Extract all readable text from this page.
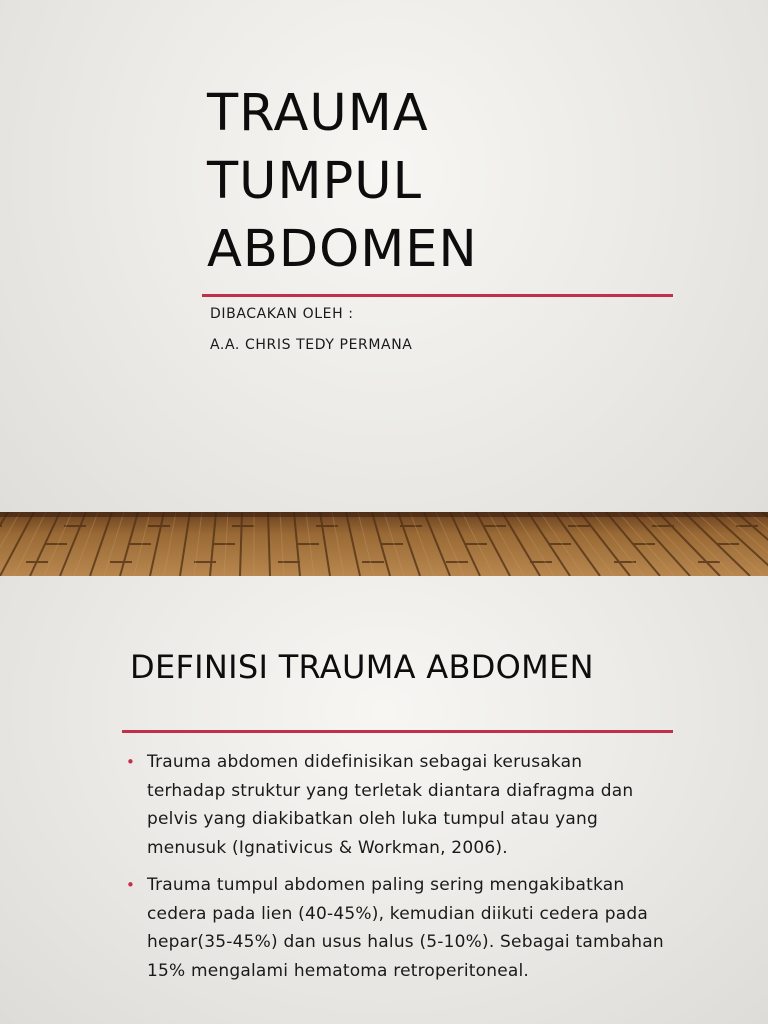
TRAUMA
TUMPUL
ABDOMEN

DIBACAKAN OLEH :

A.A. CHRIS TEDY PERMANA

DEFINISI TRAUMA ABDOMEN
• Trauma abdomen didefinisikan sebagai kerusakan terhadap struktur yang terletak diantara diafragma dan pelvis yang diakibatkan oleh luka tumpul atau yang menusuk (Ignativicus & Workman, 2006).
• Trauma tumpul abdomen paling sering mengakibatkan cedera pada lien (40-45%), kemudian diikuti cedera pada hepar(35-45%) dan usus halus (5-10%). Sebagai tambahan 15% mengalami hematoma retroperitoneal.
